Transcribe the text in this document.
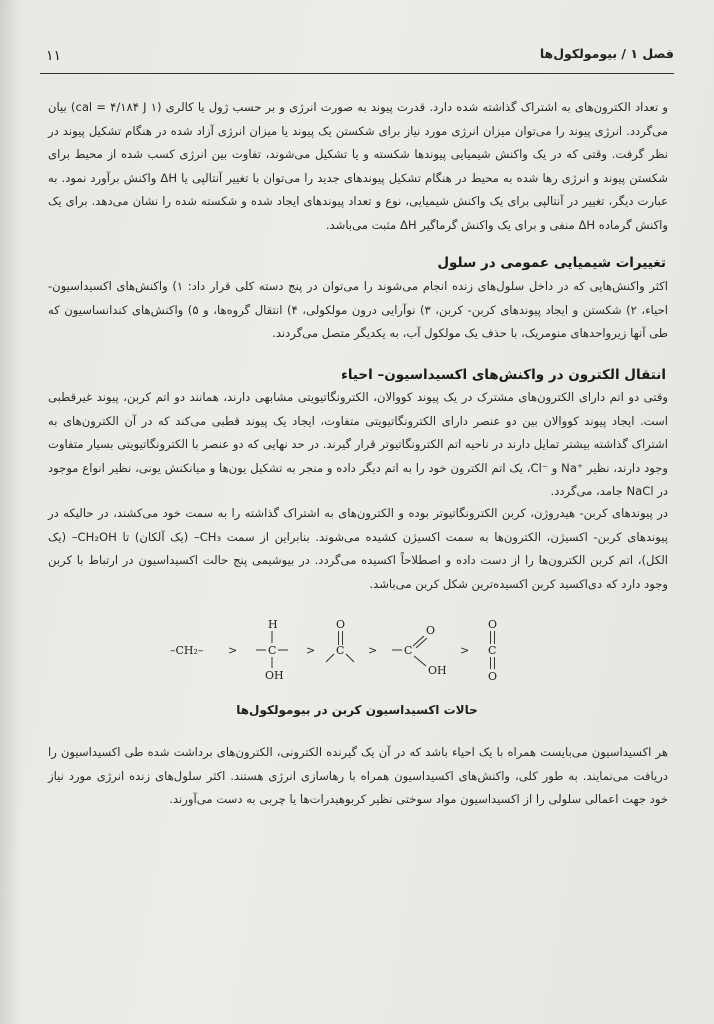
۱۱	فصل ۱ / بیومولکول‌ها

و تعداد الکترون‌های به اشتراک گذاشته شده دارد. قدرت پیوند به صورت انرژی و بر حسب ژول یا کالری (cal = ۴/۱۸۴ J ۱) بیان می‌گردد. انرژی پیوند را می‌توان میزان انرژی مورد نیاز برای شکستن یک پیوند یا میزان انرژی آزاد شده در هنگام تشکیل پیوند در نظر گرفت. وقتی که در یک واکنش شیمیایی پیوندها شکسته و یا تشکیل می‌شوند، تفاوت بین انرژی کسب شده از محیط برای شکستن پیوند و انرژی رها شده به محیط در هنگام تشکیل پیوندهای جدید را می‌توان با تغییر آنتالپی یا ΔH واکنش برآورد نمود. به عبارت دیگر، تغییر در آنتالپی برای یک واکنش شیمیایی، نوع و تعداد پیوندهای ایجاد شده و شکسته شده را نشان می‌دهد. برای یک واکنش گرماده ΔH منفی و برای یک واکنش گرماگیر ΔH مثبت می‌باشد.

تغییرات شیمیایی عمومی در سلول

اکثر واکنش‌هایی که در داخل سلول‌های زنده انجام می‌شوند را می‌توان در پنج دسته کلی قرار داد: ۱) واکنش‌های اکسیداسیون-احیاء، ۲) شکستن و ایجاد پیوندهای کربن- کربن، ۳) نوآرایی درون مولکولی، ۴) انتقال گروه‌ها، و ۵) واکنش‌های کندانساسیون که طی آنها زیرواحدهای منومریک، با حذف یک مولکول آب، به یکدیگر متصل می‌گردند.

انتقال الکترون در واکنش‌های اکسیداسیون– احیاء

وقتی دو اتم دارای الکترون‌های مشترک در یک پیوند کووالان، الکترونگاتیویتی مشابهی دارند، همانند دو اتم کربن، پیوند غیرقطبی است. ایجاد پیوند کووالان بین دو عنصر دارای الکترونگاتیویتی متفاوت، ایجاد یک پیوند قطبی می‌کند که در آن الکترون‌های به اشتراک گذاشته بیشتر تمایل دارند در ناحیه اتم الکترونگاتیوتر قرار گیرند. در حد نهایی که دو عنصر با الکترونگاتیویتی بسیار متفاوت وجود دارند، نظیر ⁺Na و ⁻Cl، یک اتم الکترون خود را به اتم دیگر داده و منجر به تشکیل یون‌ها و میانکنش یونی، نظیر انواع موجود در NaCl جامد، می‌گردد.

در پیوندهای کربن- هیدروژن، کربن الکترونگاتیوتر بوده و الکترون‌های به اشتراک گذاشته را به سمت خود می‌کشند، در حالیکه در پیوندهای کربن- اکسیژن، الکترون‌ها به سمت اکسیژن کشیده می‌شوند. بنابراین از سمت CH₃– (یک آلکان) تا CH₂OH– (یک الکل)، اتم کربن الکترون‌ها را از دست داده و اصطلاحاً اکسیده می‌گردد. در بیوشیمی پنج حالت اکسیداسیون در ارتباط با کربن وجود دارد که دی‌اکسید کربن اکسیده‌ترین شکل کربن می‌باشد.

–CH₂– >
H
C
OH
>
O
C > C
O
OH
>
O
C
O
حالات اکسیداسیون کربن در بیومولکول‌ها

هر اکسیداسیون می‌بایست همراه با یک احیاء باشد که در آن یک گیرنده الکترونی، الکترون‌های برداشت شده طی اکسیداسیون را دریافت می‌نمایند. به طور کلی، واکنش‌های اکسیداسیون همراه با رهاسازی انرژی هستند. اکثر سلول‌های زنده انرژی مورد نیاز خود جهت اعمالی سلولی را از اکسیداسیون مواد سوختی نظیر کربوهیدرات‌ها یا چربی به دست می‌آورند.
